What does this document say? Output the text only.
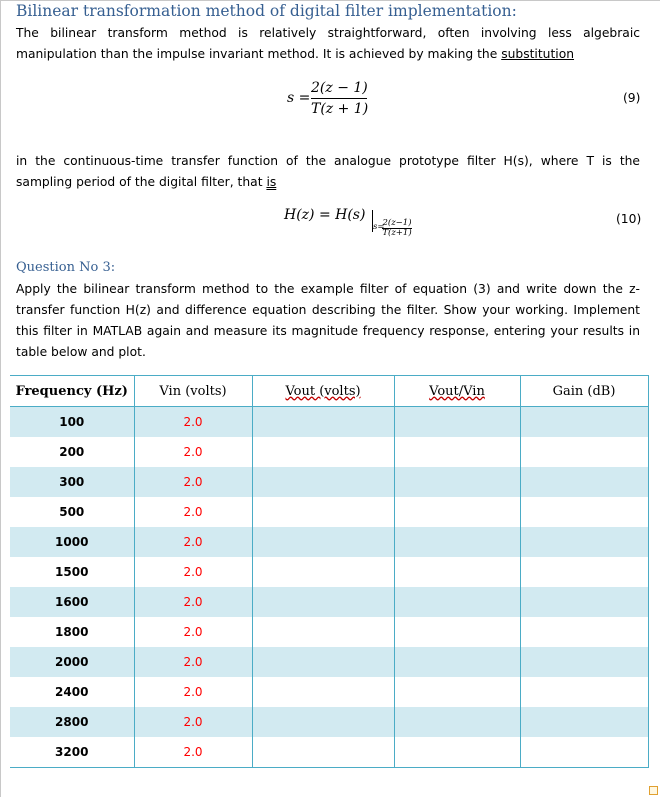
Bilinear transformation method of digital filter implementation:

The bilinear transform method is relatively straightforward, often involving less algebraic manipulation than the impulse invariant method. It is achieved by making the substitution

$s = \frac{2(z - 1)}{T(z + 1)}$	(9)

in the continuous-time transfer function of the analogue prototype filter H(s), where T is the sampling period of the digital filter, that is

H(z) = H(s)
s=
$\frac{2(z-1)}{T(z+1)}$	(10)
Question No 3:

Apply the bilinear transform method to the example filter of equation (3) and write down the z-transfer function H(z) and difference equation describing the filter. Show your working. Implement this filter in MATLAB again and measure its magnitude frequency response, entering your results in table below and plot.

Frequency (Hz)	Vin (volts)	Vout (volts)	Vout/Vin	Gain (dB)
100	2.0			
200	2.0			
300	2.0			
500	2.0			
1000	2.0			
1500	2.0			
1600	2.0			
1800	2.0			
2000	2.0			
2400	2.0			
2800	2.0			
3200	2.0			
